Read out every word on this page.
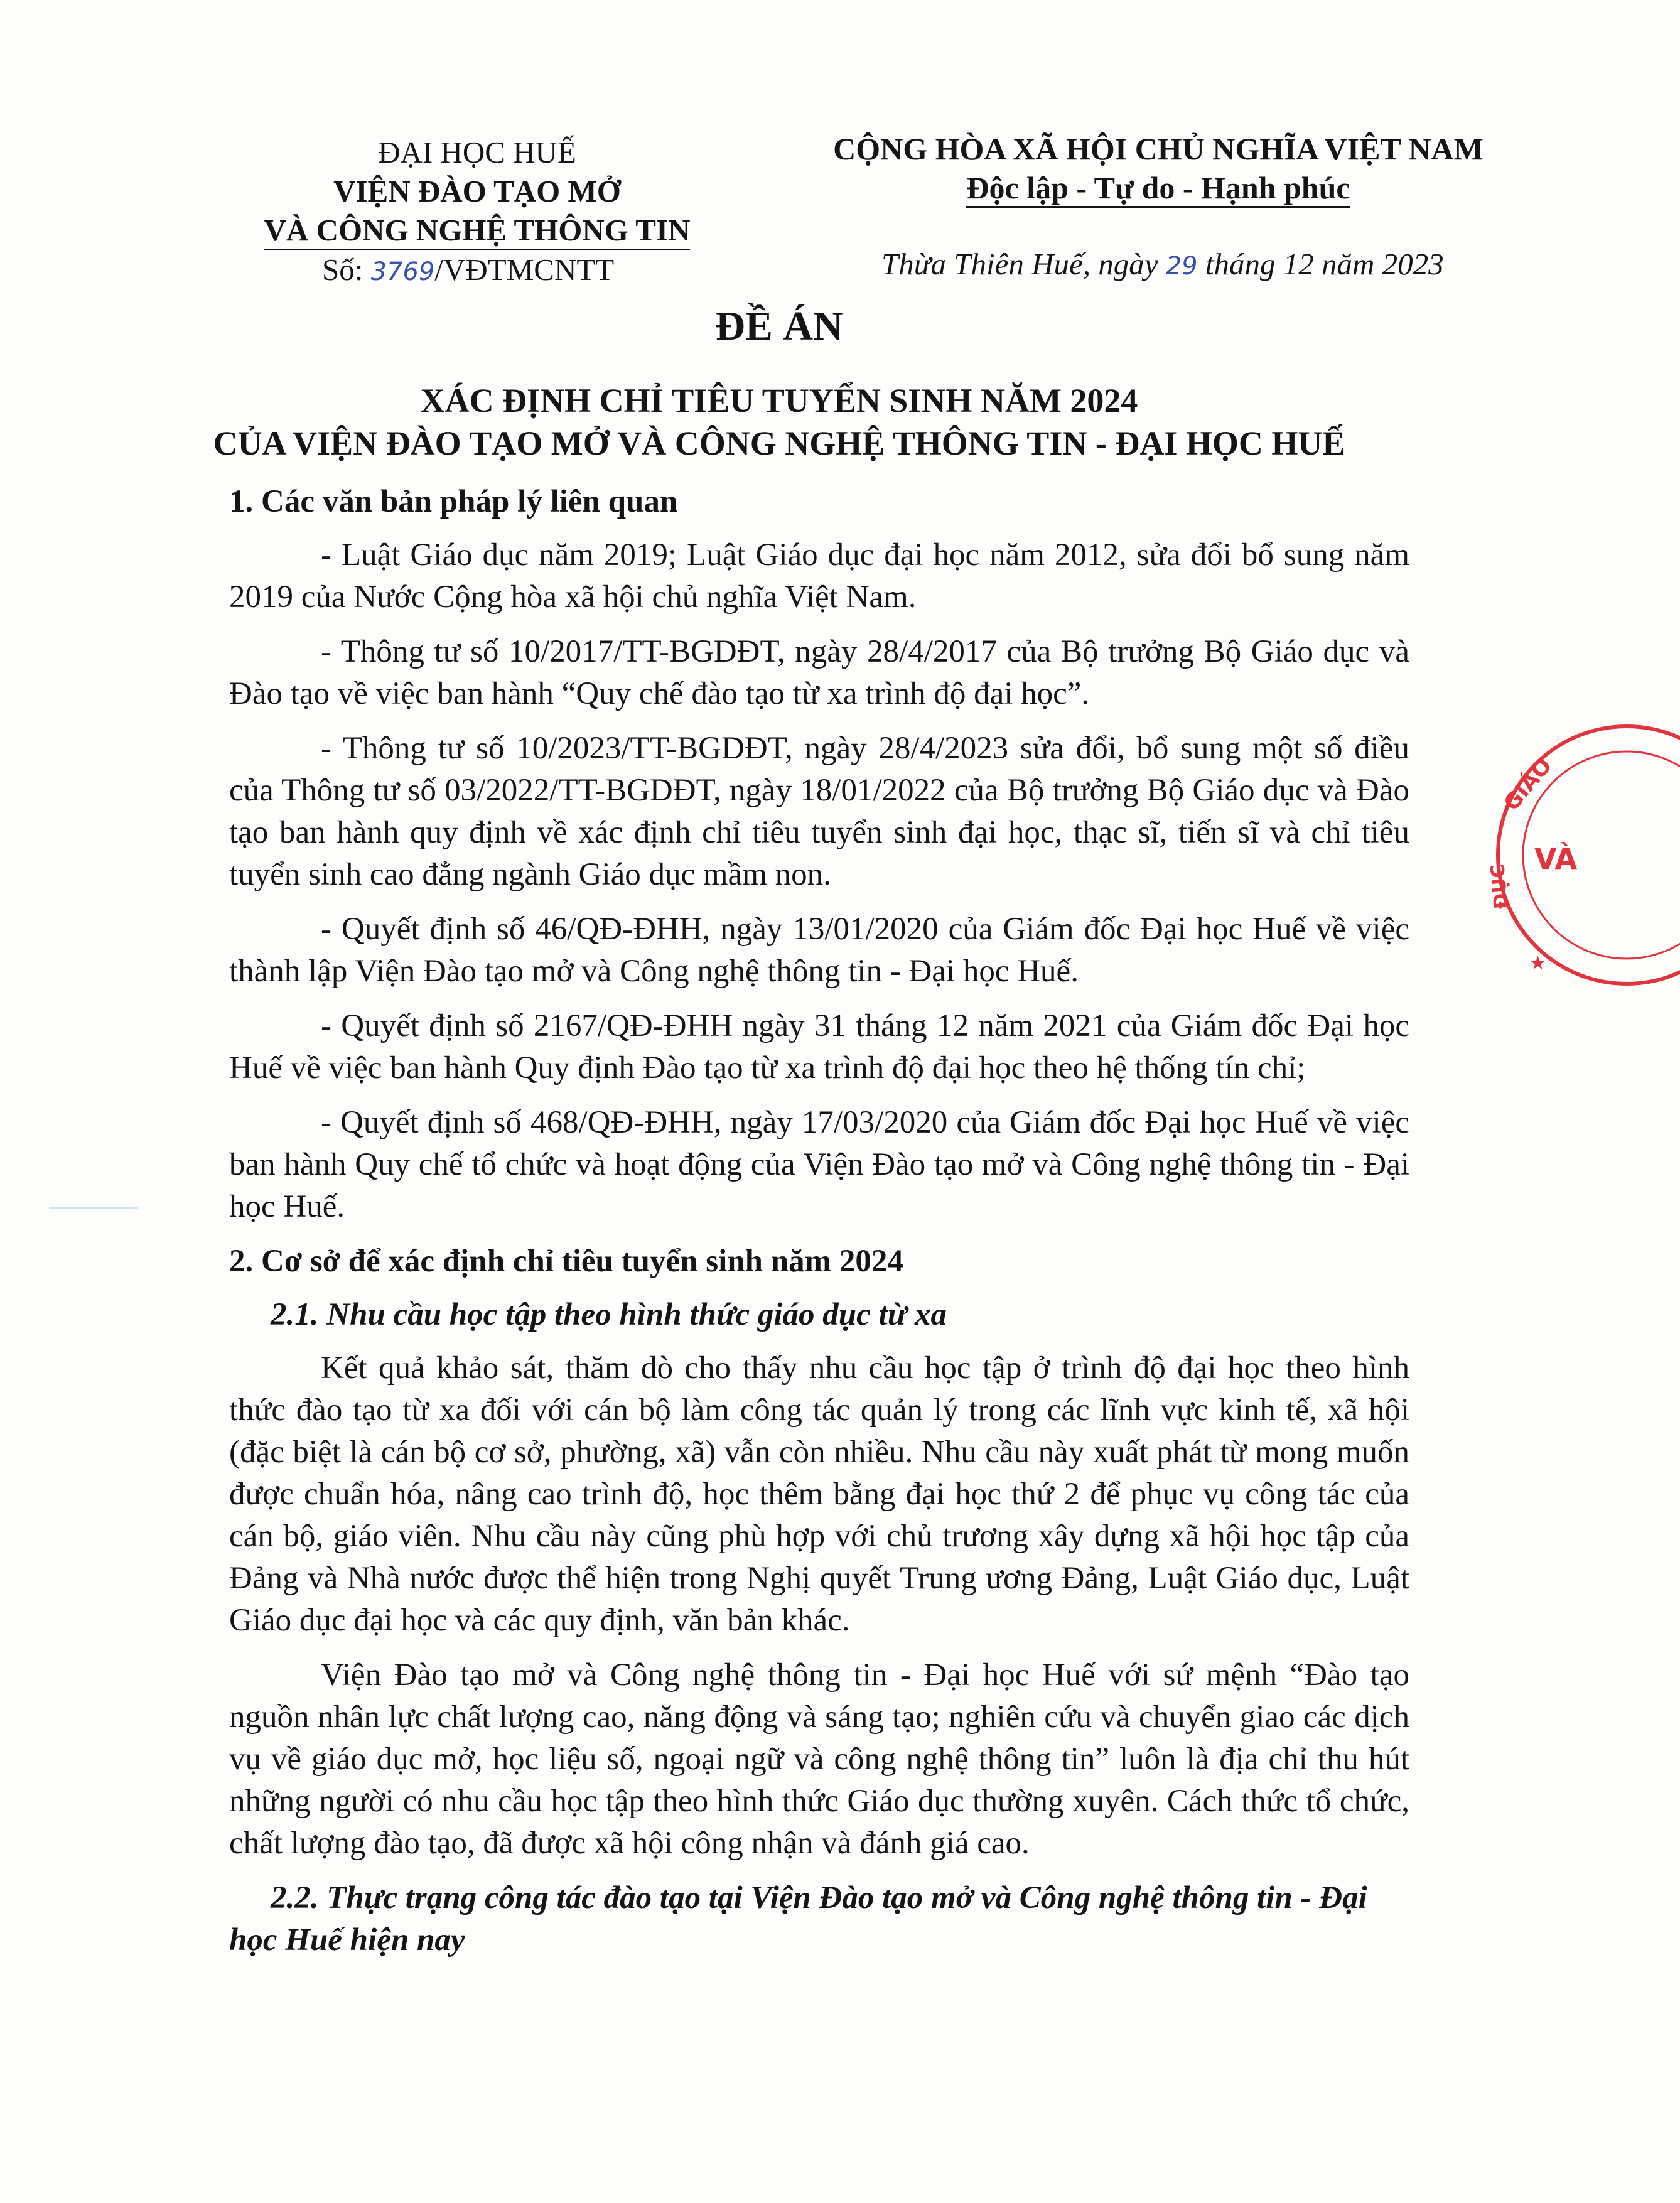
ĐẠI HỌC HUẾ
VIỆN ĐÀO TẠO MỞ
VÀ CÔNG NGHỆ THÔNG TIN
Số: 3769/VĐTMCNTT
CỘNG HÒA XÃ HỘI CHỦ NGHĨA VIỆT NAM
Độc lập - Tự do - Hạnh phúc
Thừa Thiên Huế, ngày 29 tháng 12 năm 2023
ĐỀ ÁN
XÁC ĐỊNH CHỈ TIÊU TUYỂN SINH NĂM 2024
CỦA VIỆN ĐÀO TẠO MỞ VÀ CÔNG NGHỆ THÔNG TIN - ĐẠI HỌC HUẾ
1. Các văn bản pháp lý liên quan

- Luật Giáo dục năm 2019; Luật Giáo dục đại học năm 2012, sửa đổi bổ sung năm 2019 của Nước Cộng hòa xã hội chủ nghĩa Việt Nam.

- Thông tư số 10/2017/TT-BGDĐT, ngày 28/4/2017 của Bộ trưởng Bộ Giáo dục và Đào tạo về việc ban hành “Quy chế đào tạo từ xa trình độ đại học”.

- Thông tư số 10/2023/TT-BGDĐT, ngày 28/4/2023 sửa đổi, bổ sung một số điều của Thông tư số 03/2022/TT-BGDĐT, ngày 18/01/2022 của Bộ trưởng Bộ Giáo dục và Đào tạo ban hành quy định về xác định chỉ tiêu tuyển sinh đại học, thạc sĩ, tiến sĩ và chỉ tiêu tuyển sinh cao đẳng ngành Giáo dục mầm non.

- Quyết định số 46/QĐ-ĐHH, ngày 13/01/2020 của Giám đốc Đại học Huế về việc thành lập Viện Đào tạo mở và Công nghệ thông tin - Đại học Huế.

- Quyết định số 2167/QĐ-ĐHH ngày 31 tháng 12 năm 2021 của Giám đốc Đại học Huế về việc ban hành Quy định Đào tạo từ xa trình độ đại học theo hệ thống tín chỉ;

- Quyết định số 468/QĐ-ĐHH, ngày 17/03/2020 của Giám đốc Đại học Huế về việc ban hành Quy chế tổ chức và hoạt động của Viện Đào tạo mở và Công nghệ thông tin - Đại học Huế.

2. Cơ sở để xác định chỉ tiêu tuyển sinh năm 2024
2.1. Nhu cầu học tập theo hình thức giáo dục từ xa

Kết quả khảo sát, thăm dò cho thấy nhu cầu học tập ở trình độ đại học theo hình thức đào tạo từ xa đối với cán bộ làm công tác quản lý trong các lĩnh vực kinh tế, xã hội (đặc biệt là cán bộ cơ sở, phường, xã) vẫn còn nhiều. Nhu cầu này xuất phát từ mong muốn được chuẩn hóa, nâng cao trình độ, học thêm bằng đại học thứ 2 để phục vụ công tác của cán bộ, giáo viên. Nhu cầu này cũng phù hợp với chủ trương xây dựng xã hội học tập của Đảng và Nhà nước được thể hiện trong Nghị quyết Trung ương Đảng, Luật Giáo dục, Luật Giáo dục đại học và các quy định, văn bản khác.

Viện Đào tạo mở và Công nghệ thông tin - Đại học Huế với sứ mệnh “Đào tạo nguồn nhân lực chất lượng cao, năng động và sáng tạo; nghiên cứu và chuyển giao các dịch vụ về giáo dục mở, học liệu số, ngoại ngữ và công nghệ thông tin” luôn là địa chỉ thu hút những người có nhu cầu học tập theo hình thức Giáo dục thường xuyên. Cách thức tổ chức, chất lượng đào tạo, đã được xã hội công nhận và đánh giá cao.

2.2. Thực trạng công tác đào tạo tại Viện Đào tạo mở và Công nghệ thông tin - Đại học Huế hiện nay
GIÁO
ĐỤC
VÀ
★
